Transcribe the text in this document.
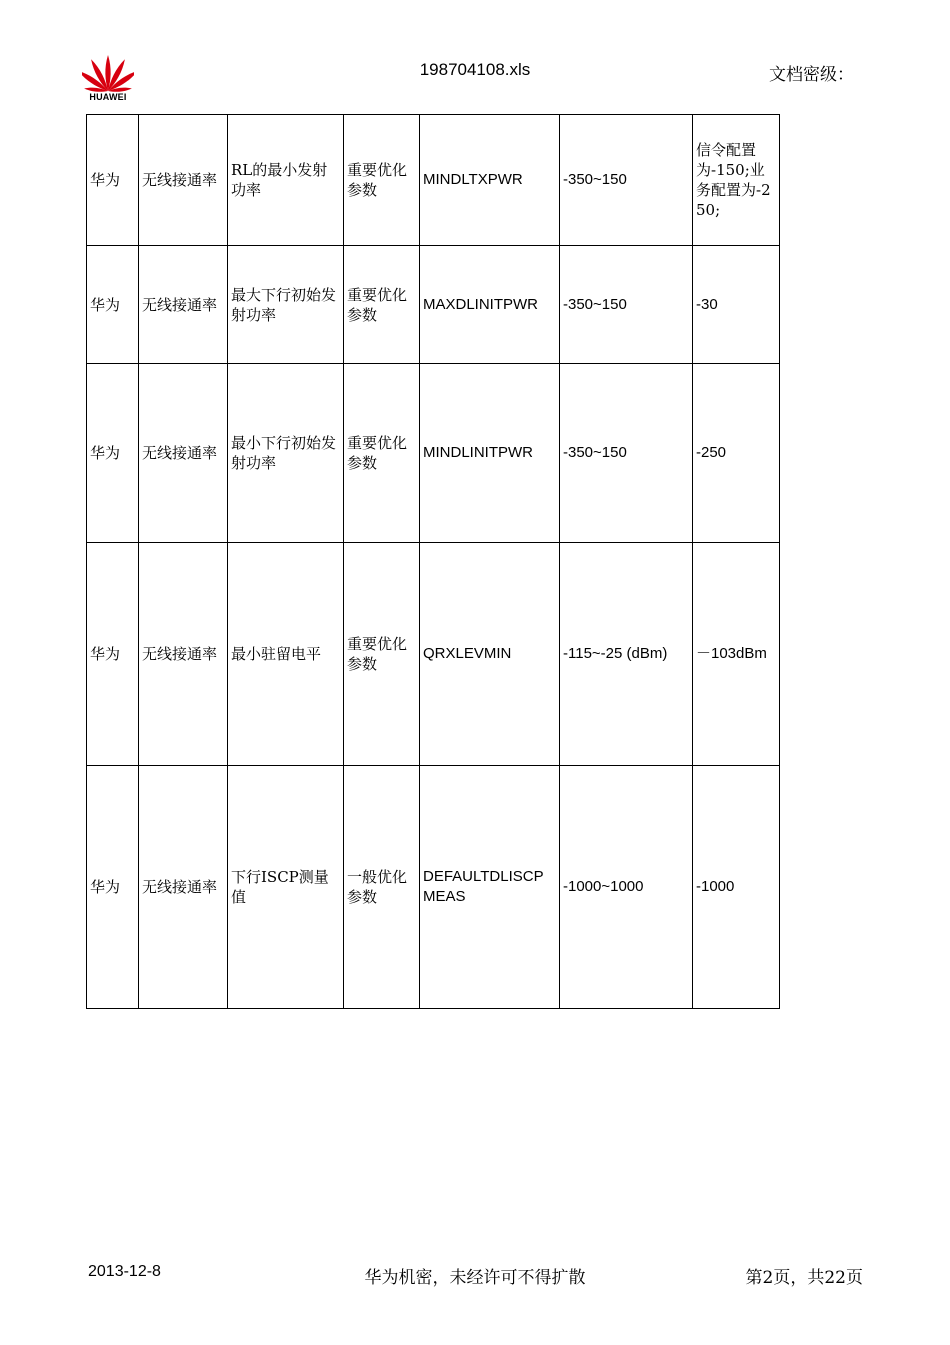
HUAWEI
198704108.xls	文档密级：
华为	无线接通率	RL的最小发射功率	重要优化参数	MINDLTXPWR	-350~150	信令配置为-150;业务配置为-250;
华为	无线接通率	最大下行初始发射功率	重要优化参数	MAXDLINITPWR	-350~150	-30
华为	无线接通率	最小下行初始发射功率	重要优化参数	MINDLINITPWR	-350~150	-250
华为	无线接通率	最小驻留电平	重要优化参数	QRXLEVMIN	-115~-25 (dBm)	－103dBm
华为	无线接通率	下行ISCP测量值	一般优化参数	DEFAULTDLISCPMEAS	-1000~1000	-1000
2013-12-8	华为机密，未经许可不得扩散	第2页，共22页
